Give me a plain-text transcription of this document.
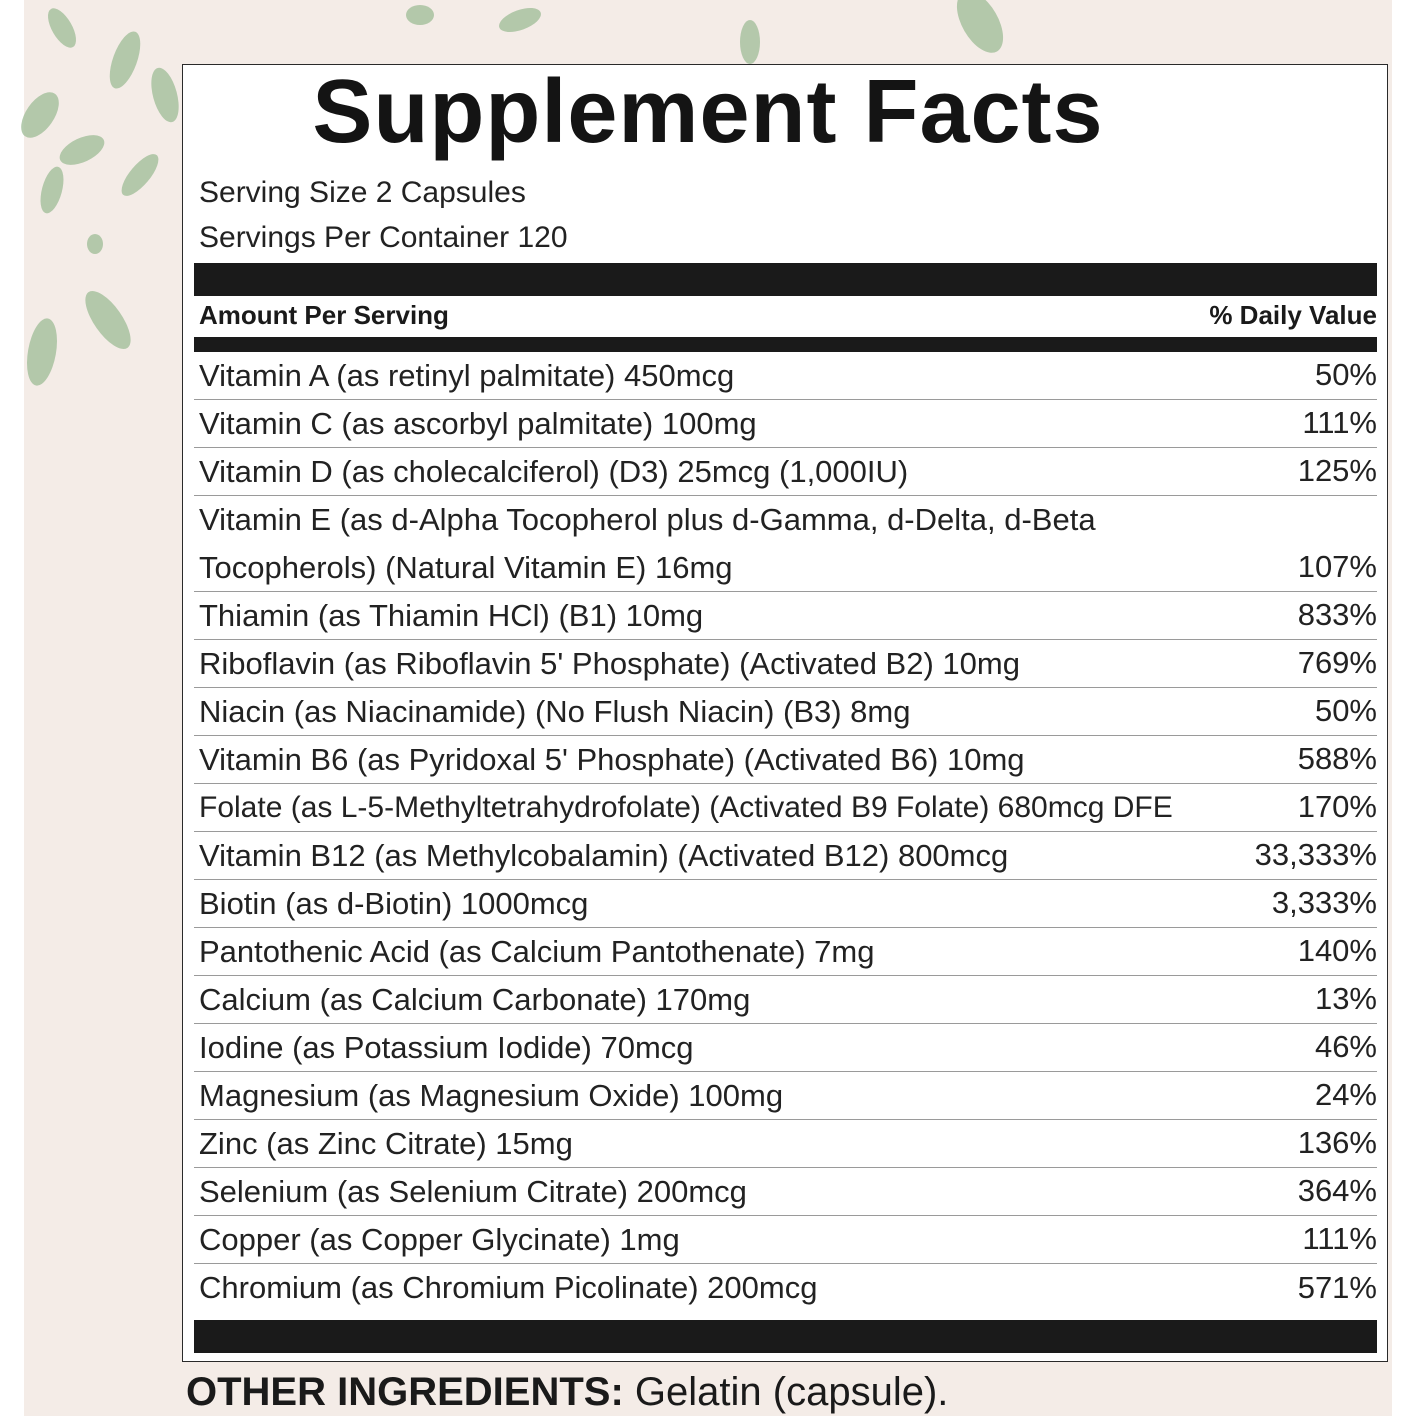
Supplement Facts
Serving Size 2 Capsules
Servings Per Container 120
Amount Per Serving	% Daily Value
Vitamin A (as retinyl palmitate) 450mcg	50%
Vitamin C (as ascorbyl palmitate) 100mg	111%
Vitamin D (as cholecalciferol) (D3) 25mcg (1,000IU)	125%
Vitamin E (as d-Alpha Tocopherol plus d-Gamma, d-Delta, d-Beta Tocopherols) (Natural Vitamin E) 16mg	107%
Thiamin (as Thiamin HCl) (B1) 10mg	833%
Riboflavin (as Riboflavin 5' Phosphate) (Activated B2) 10mg	769%
Niacin (as Niacinamide) (No Flush Niacin) (B3) 8mg	50%
Vitamin B6 (as Pyridoxal 5' Phosphate) (Activated B6) 10mg	588%
Folate (as L-5-Methyltetrahydrofolate) (Activated B9 Folate) 680mcg DFE	170%
Vitamin B12 (as Methylcobalamin) (Activated B12) 800mcg	33,333%
Biotin (as d-Biotin) 1000mcg	3,333%
Pantothenic Acid (as Calcium Pantothenate) 7mg	140%
Calcium (as Calcium Carbonate) 170mg	13%
Iodine (as Potassium Iodide) 70mcg	46%
Magnesium (as Magnesium Oxide) 100mg	24%
Zinc (as Zinc Citrate) 15mg	136%
Selenium (as Selenium Citrate) 200mcg	364%
Copper (as Copper Glycinate) 1mg	111%
Chromium (as Chromium Picolinate) 200mcg	571%
OTHER INGREDIENTS: Gelatin (capsule).
